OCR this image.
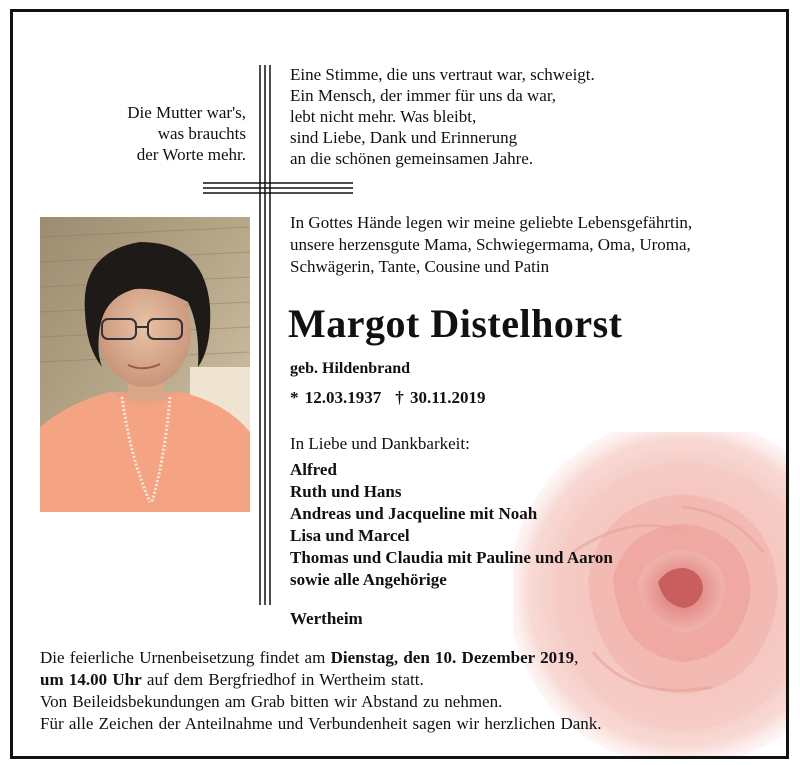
Die Mutter war's,
was brauchts
der Worte mehr.
Eine Stimme, die uns vertraut war, schweigt.
Ein Mensch, der immer für uns da war,
lebt nicht mehr. Was bleibt,
sind Liebe, Dank und Erinnerung
an die schönen gemeinsamen Jahre.
In Gottes Hände legen wir meine geliebte Lebensgefährtin,
unsere herzensgute Mama, Schwiegermama, Oma, Uroma,
Schwägerin, Tante, Cousine und Patin
Margot Distelhorst
geb. Hildenbrand
* 12.03.1937 † 30.11.2019
In Liebe und Dankbarkeit:
Alfred
Ruth und Hans
Andreas und Jacqueline mit Noah
Lisa und Marcel
Thomas und Claudia mit Pauline und Aaron
sowie alle Angehörige
Wertheim
Die feierliche Urnenbeisetzung findet am Dienstag, den 10. Dezember 2019,
um 14.00 Uhr auf dem Bergfriedhof in Wertheim statt.
Von Beileidsbekundungen am Grab bitten wir Abstand zu nehmen.
Für alle Zeichen der Anteilnahme und Verbundenheit sagen wir herzlichen Dank.
